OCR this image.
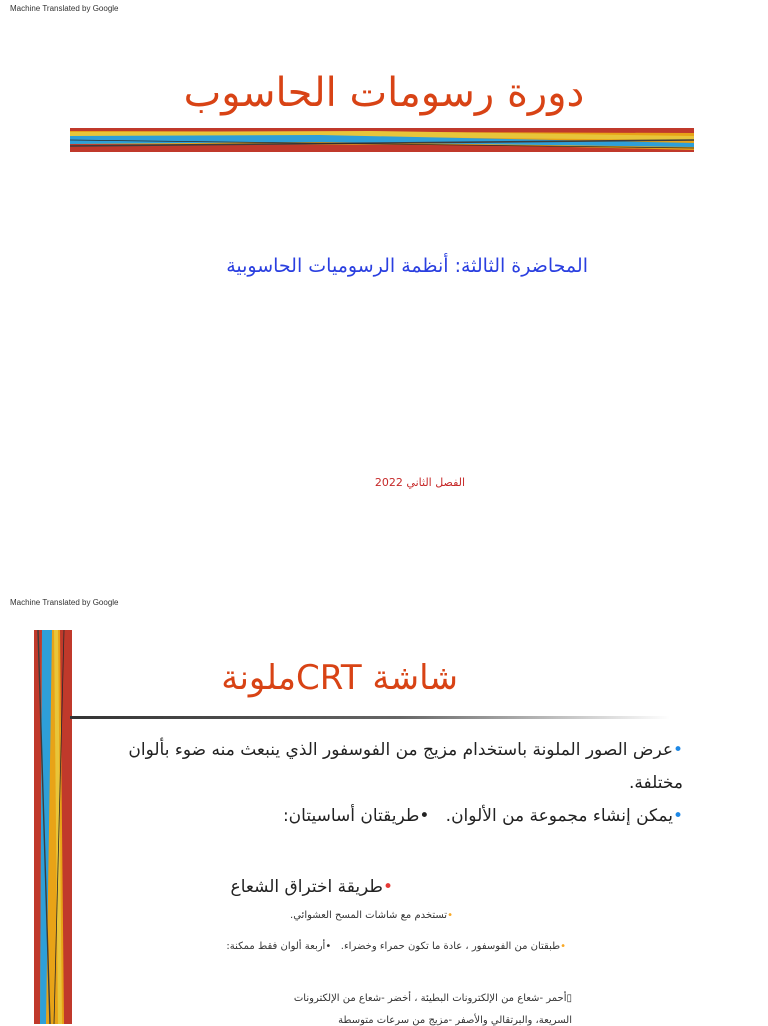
Machine Translated by Google
دورة رسومات الحاسوب
المحاضرة الثالثة: أنظمة الرسوميات الحاسوبية
الفصل الثاني 2022
Machine Translated by Google
شاشة CRTملونة
•عرض الصور الملونة باستخدام مزيج من الفوسفور الذي ينبعث منه ضوء بألوان مختلفة.
•يمكن إنشاء مجموعة من الألوان.   •طريقتان أساسيتان:
•طريقة اختراق الشعاع
•تستخدم مع شاشات المسح العشوائي.
•طبقتان من الفوسفور ، عادة ما تكون حمراء وخضراء.   •أربعة ألوان فقط ممكنة:
▯أحمر -شعاع من الإلكترونات البطيئة ، أخضر -شعاع من الإلكترونات
السريعة، والبرتقالي والأصفر -مزيج من سرعات متوسطة
